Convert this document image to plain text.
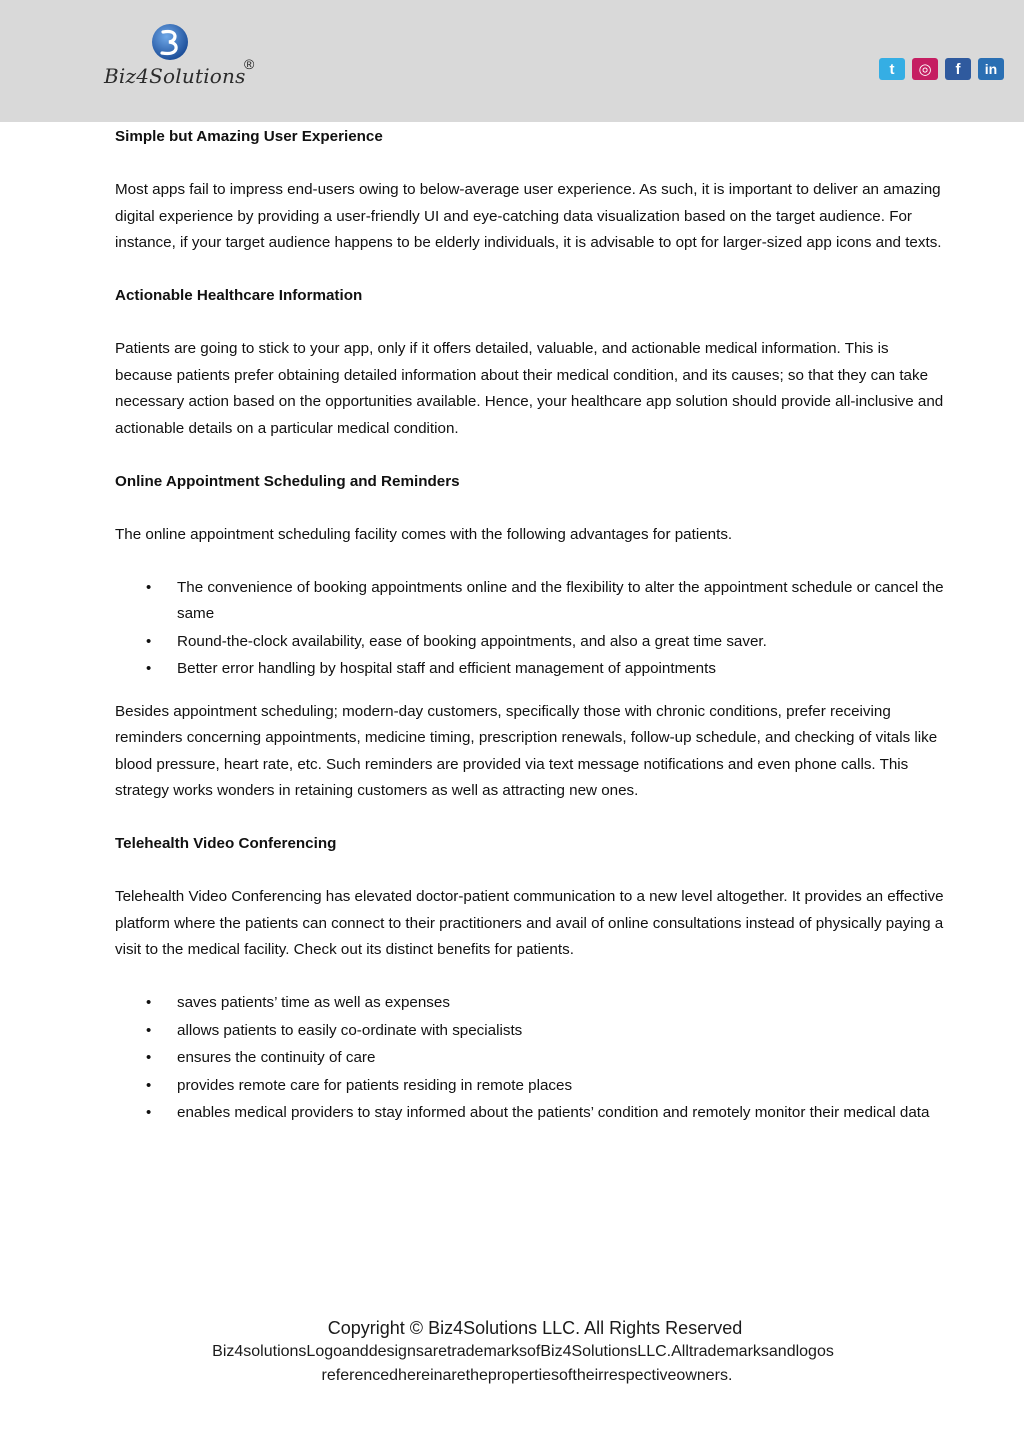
Biz4Solutions
®	t	◎	f	in
Simple but Amazing User Experience
Most apps fail to impress end-users owing to below-average user experience. As such, it is important to deliver an amazing digital experience by providing a user-friendly UI and eye-catching data visualization based on the target audience. For instance, if your target audience happens to be elderly individuals, it is advisable to opt for larger-sized app icons and texts.
Actionable Healthcare Information
Patients are going to stick to your app, only if it offers detailed, valuable, and actionable medical information. This is because patients prefer obtaining detailed information about their medical condition, and its causes; so that they can take necessary action based on the opportunities available. Hence, your healthcare app solution should provide all-inclusive and actionable details on a particular medical condition.
Online Appointment Scheduling and Reminders
The online appointment scheduling facility comes with the following advantages for patients.
• The convenience of booking appointments online and the flexibility to alter the appointment schedule or cancel the same
• Round-the-clock availability, ease of booking appointments, and also a great time saver.
• Better error handling by hospital staff and efficient management of appointments
Besides appointment scheduling; modern-day customers, specifically those with chronic conditions, prefer receiving reminders concerning appointments, medicine timing, prescription renewals, follow-up schedule, and checking of vitals like blood pressure, heart rate, etc. Such reminders are provided via text message notifications and even phone calls. This strategy works wonders in retaining customers as well as attracting new ones.
Telehealth Video Conferencing
Telehealth Video Conferencing has elevated doctor-patient communication to a new level altogether. It provides an effective platform where the patients can connect to their practitioners and avail of online consultations instead of physically paying a visit to the medical facility. Check out its distinct benefits for patients.
• saves patients’ time as well as expenses
• allows patients to easily co-ordinate with specialists
• ensures the continuity of care
• provides remote care for patients residing in remote places
• enables medical providers to stay informed about the patients’ condition and remotely monitor their medical data
Copyright © Biz4Solutions LLC. All Rights Reserved
Biz4solutionsLogoanddesignsaretrademarksofBiz4SolutionsLLC.Alltrademarksandlogos
referencedhereinarethepropertiesoftheirrespectiveowners.
